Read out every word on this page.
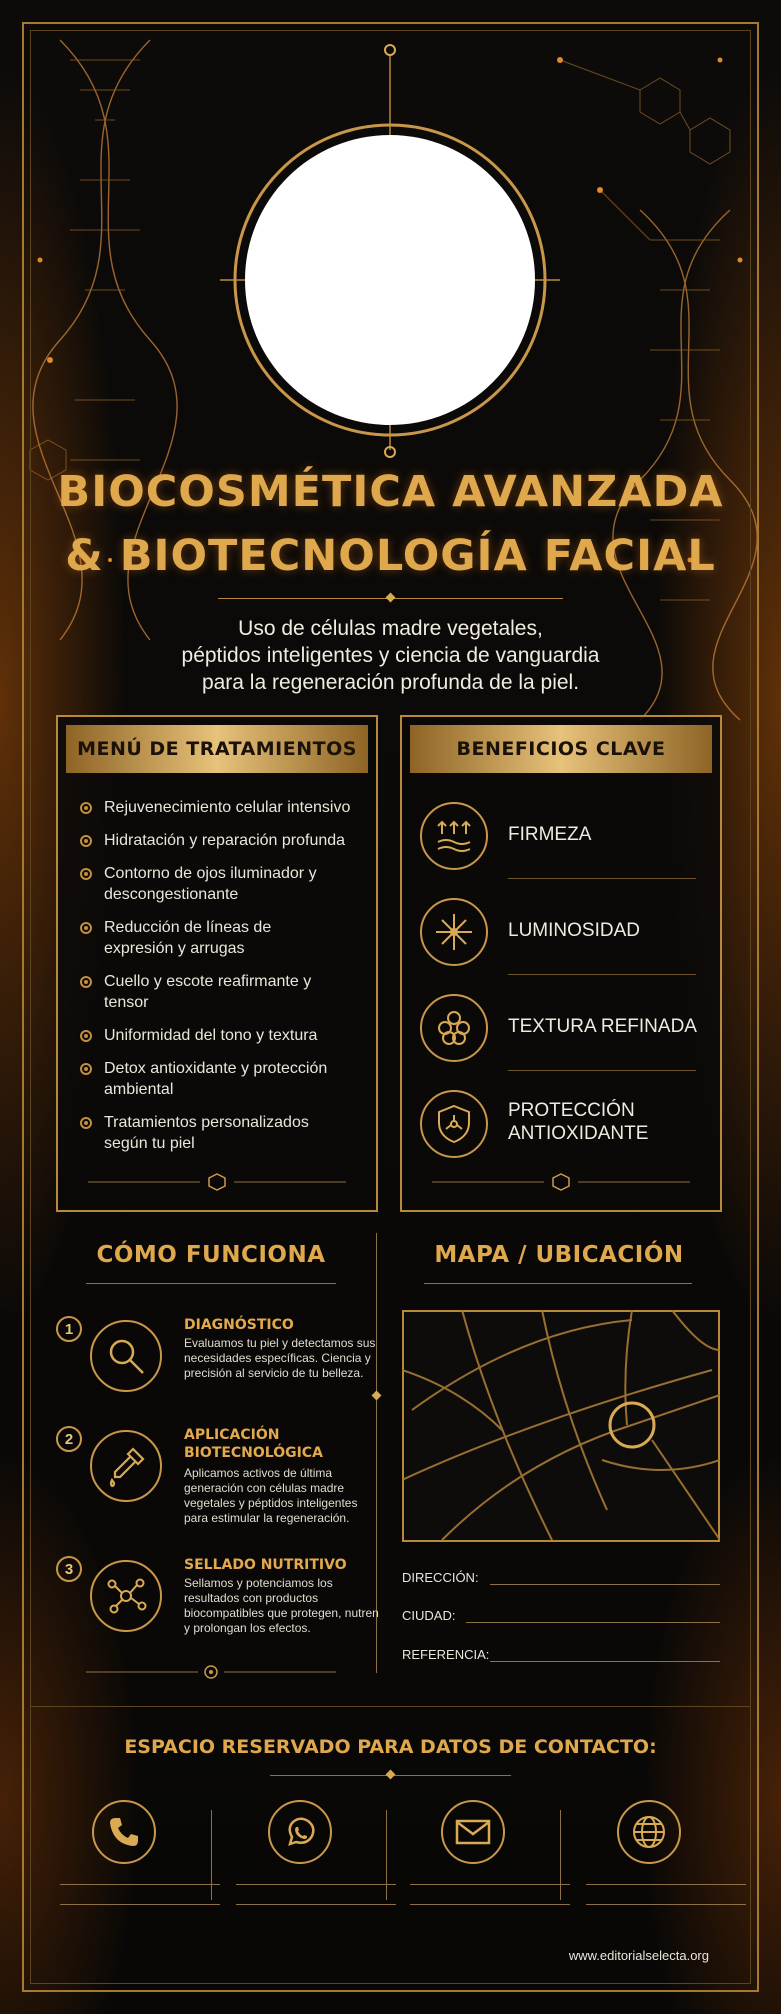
BIOCOSMÉTICA AVANZADA
& BIOTECNOLOGÍA FACIAL
Uso de células madre vegetales,
péptidos inteligentes y ciencia de vanguardia
para la regeneración profunda de la piel.
MENÚ DE TRATAMIENTOS
Rejuvenecimiento celular intensivo
Hidratación y reparación profunda
Contorno de ojos iluminador y descongestionante
Reducción de líneas de expresión y arrugas
Cuello y escote reafirmante y tensor
Uniformidad del tono y textura
Detox antioxidante y protección ambiental
Tratamientos personalizados según tu piel
BENEFICIOS CLAVE
FIRMEZA
LUMINOSIDAD
TEXTURA REFINADA
PROTECCIÓN ANTIOXIDANTE
CÓMO FUNCIONA
1	DIAGNÓSTICO
Evaluamos tu piel y detectamos sus necesidades específicas. Ciencia y precisión al servicio de tu belleza.
2	APLICACIÓN BIOTECNOLÓGICA
Aplicamos activos de última generación con células madre vegetales y péptidos inteligentes para estimular la regeneración.
3	SELLADO NUTRITIVO
Sellamos y potenciamos los resultados con productos biocompatibles que protegen, nutren y prolongan los efectos.
MAPA / UBICACIÓN
DIRECCIÓN:
CIUDAD:
REFERENCIA:
ESPACIO RESERVADO PARA DATOS DE CONTACTO:
www.editorialselecta.org
